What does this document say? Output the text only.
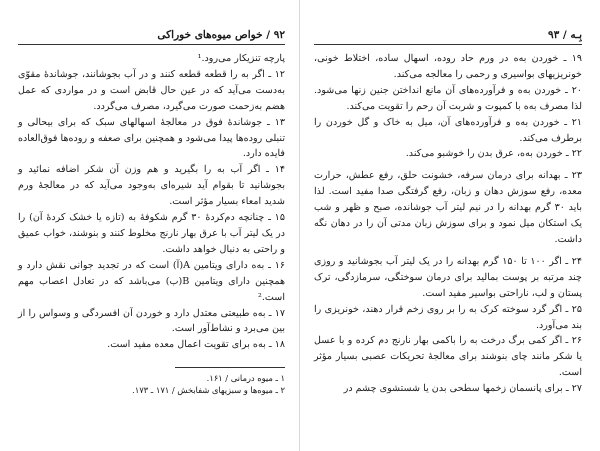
۹۲ / خواص میوه‌های خوراکی

پارچه تنزیکار می‌رود.¹

۱۲ ـ اگر به را قطعه قطعه کنند و در آب بجوشانند، جوشاندهٔ مقوّی به‌دست می‌آید که در عین حال قابض است و در مواردی که عمل هضم به‌زحمت صورت می‌گیرد، مصرف می‌گردد.

۱۳ ـ جوشاندهٔ فوق در معالجهٔ اسهالهای سبک که برای بیحالی و تنبلی روده‌ها پیدا می‌شود و همچنین برای صعفه و روده‌ها فوق‌العاده فایده دارد.

۱۴ ـ اگر آب به را بگیرید و هم وزن آن شکر اضافه نمائید و بجوشانید تا بقوام آید شیره‌ای به‌وجود می‌آید که در معالجهٔ ورم شدید امعاء بسیار مؤثر است.

۱۵ ـ چنانچه دم‌کردهٔ ۳۰ گرم شکوفهٔ به (تازه یا خشک کردهٔ آن) را در یک لیتر آب با عرق بهار نارنج مخلوط کنند و بنوشند، خواب عمیق و راحتی به دنبال خواهد داشت.

۱۶ ـ به‌ه دارای ویتامین A(آ) است که در تجدید جوانی نقش دارد و همچنین دارای ویتامین B(ب) می‌باشد که در تعادل اعصاب مهم است.²

۱۷ ـ به‌ه طبیعتی معتدل دارد و خوردن آن افسردگی و وسواس را از بین می‌برد و نشاط‌آور است.

۱۸ ـ به‌ه برای تقویت اعمال معده مفید است.

۱ ـ میوه درمانی / ۱۶۱.

۲ ـ میوه‌ها و سبزیهای شفابخش / ۱۷۱ ـ ۱۷۳.

بِـه / ۹۳

۱۹ ـ خوردن به‌ه در ورم حاد روده، اسهال ساده، اختلاط خونی، خونریزیهای بواسیری و رحمی را معالجه می‌کند.

۲۰ ـ خوردن به‌ه و فرآورده‌های آن مانع انداختن جنین زنها می‌شود. لذا مصرف به‌ه با کمپوت و شربت آن رحم را تقویت می‌کند.

۲۱ ـ خوردن به‌ه و فرآورده‌های آن، میل به خاک و گل خوردن را برطرف می‌کند.

۲۲ ـ خوردن به‌ه، عرق بدن را خوشبو می‌کند.

۲۳ ـ بهدانه برای درمان سرفه، خشونت حلق، رفع عطش، حرارت معده، رفع سوزش دهان و زبان، رفع گرفتگی صدا مفید است. لذا باید ۳۰ گرم بهدانه را در نیم لیتر آب جوشانده، صبح و ظهر و شب یک استکان میل نمود و برای سوزش زبان مدتی آن را در دهان نگه داشت.

۲۴ ـ اگر ۱۰۰ تا ۱۵۰ گرم بهدانه را در یک لیتر آب بجوشانید و روزی چند مرتبه بر پوست بمالید برای درمان سوختگی، سرمازدگی، ترک پستان و لب، ناراحتی بواسیر مفید است.

۲۵ ـ اگر گرد سوخته کرک به را بر روی زخم قرار دهند، خونریزی را بند می‌آورد.

۲۶ ـ اگر کمی برگ درخت به را باکمی بهار نارنج دم کرده و با عسل یا شکر مانند چای بنوشند برای معالجهٔ تحریکات عصبی بسیار مؤثر است.

۲۷ ـ برای پانسمان زخمها سطحی بدن یا شستشوی چشم در
